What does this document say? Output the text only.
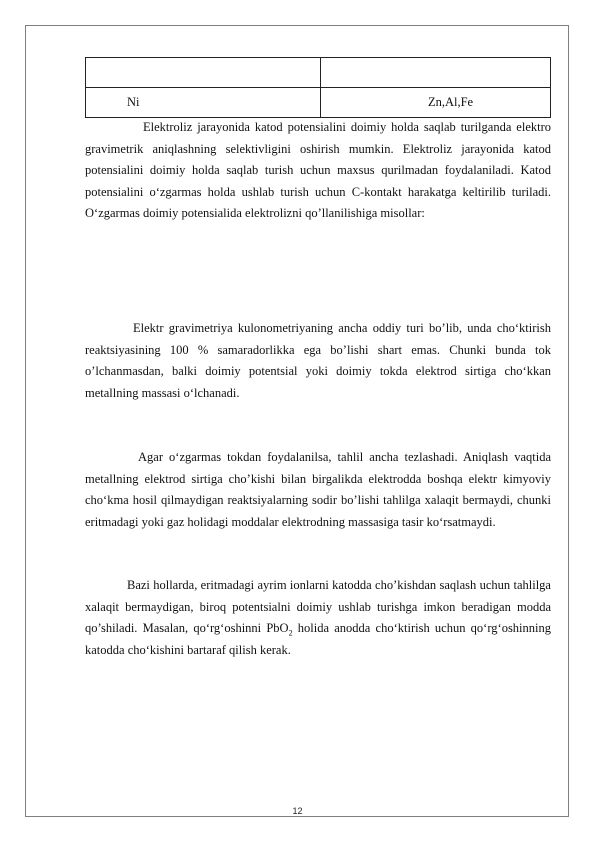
Ni	Zn,Al,Fe

Elektroliz jarayonida katod potensialini doimiy holda saqlab turilganda elektro gravimetrik aniqlashning selektivligini oshirish mumkin. Elektroliz jarayonida katod potensialini doimiy holda saqlab turish uchun maxsus qurilmadan foydalaniladi. Katod potensialini o‘zgarmas holda ushlab turish uchun C-kontakt harakatga keltirilib turiladi. O‘zgarmas doimiy potensialida elektrolizni qo’llanilishiga misollar:

Elektr gravimetriya kulonometriyaning ancha oddiy turi bo’lib, unda cho‘ktirish reaktsiyasining 100 % samaradorlikka ega bo’lishi shart emas. Chunki bunda tok o’lchanmasdan, balki doimiy potentsial yoki doimiy tokda elektrod sirtiga cho‘kkan metallning massasi o‘lchanadi.

Agar o‘zgarmas tokdan foydalanilsa, tahlil ancha tezlashadi. Aniqlash vaqtida metallning elektrod sirtiga cho’kishi bilan birgalikda elektrodda boshqa elektr kimyoviy cho‘kma hosil qilmaydigan reaktsiyalarning sodir bo’lishi tahlilga xalaqit bermaydi, chunki eritmadagi yoki gaz holidagi moddalar elektrodning massasiga tasir ko‘rsatmaydi.

Bazi hollarda, eritmadagi ayrim ionlarni katodda cho’kishdan saqlash uchun tahlilga xalaqit bermaydigan, biroq potentsialni doimiy ushlab turishga imkon beradigan modda qo’shiladi. Masalan, qo‘rg‘oshinni PbO$_2$ holida anodda cho‘ktirish uchun qo‘rg‘oshinning katodda cho‘kishini bartaraf qilish kerak.

12
